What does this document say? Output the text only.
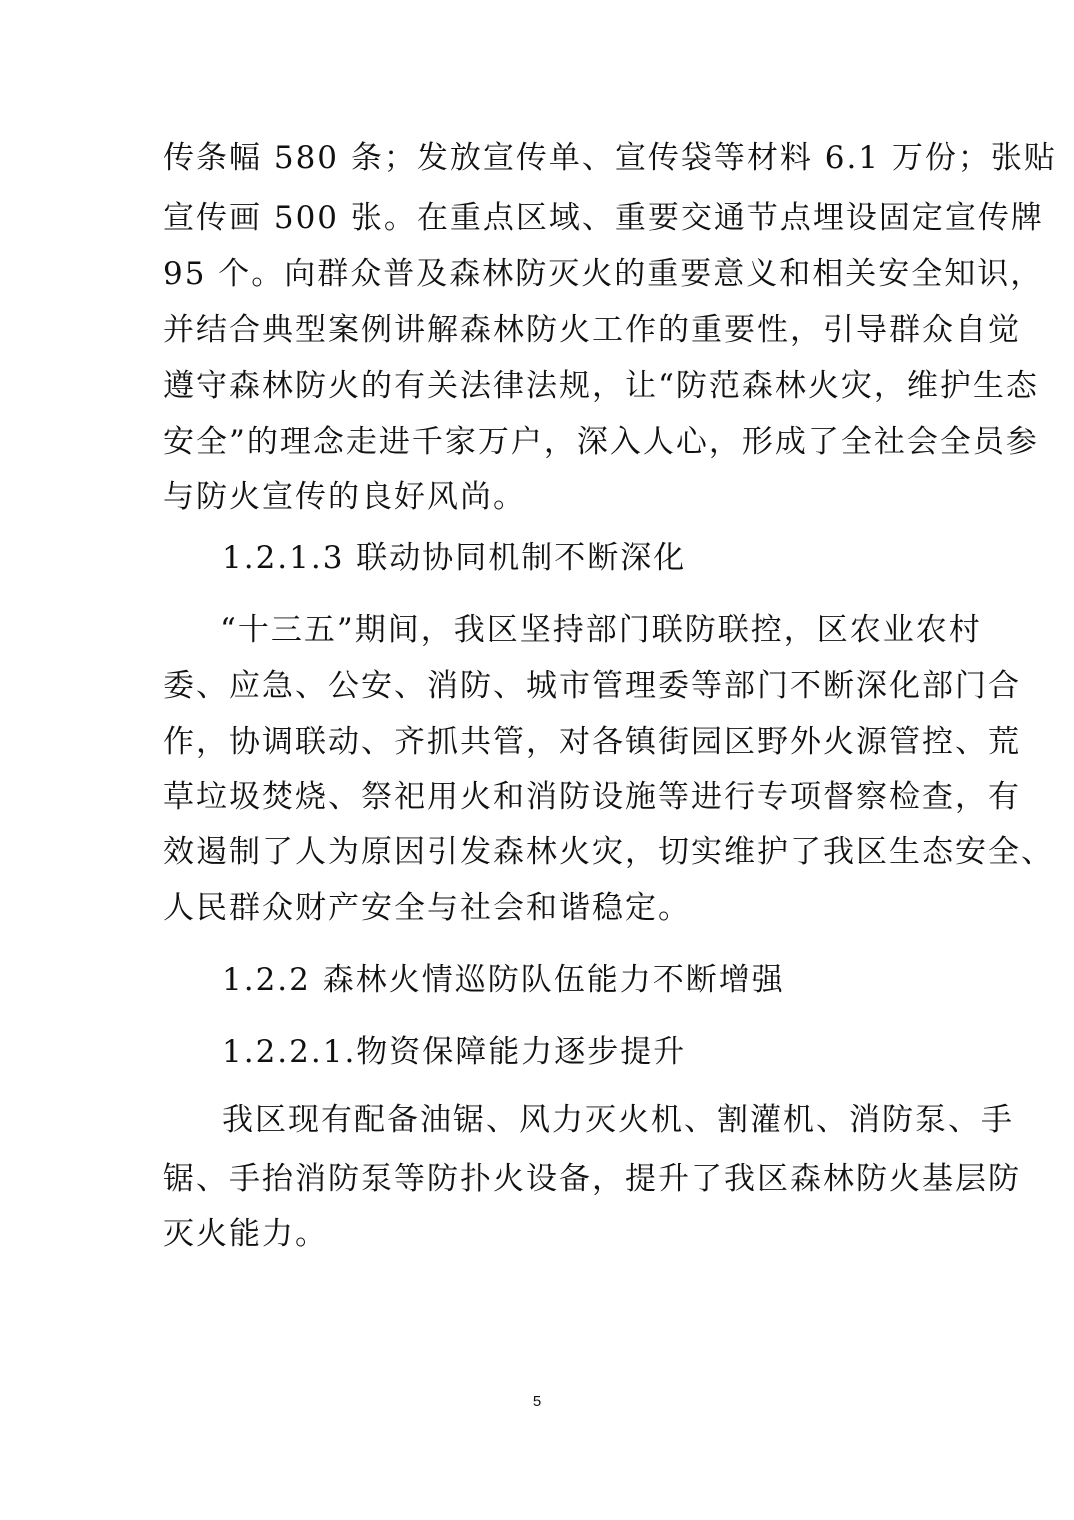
传条幅 580 条；发放宣传单、宣传袋等材料 6.1 万份；张贴
宣传画 500 张。在重点区域、重要交通节点埋设固定宣传牌
95 个。向群众普及森林防灭火的重要意义和相关安全知识，
并结合典型案例讲解森林防火工作的重要性，引导群众自觉
遵守森林防火的有关法律法规，让“防范森林火灾，维护生态
安全”的理念走进千家万户，深入人心，形成了全社会全员参
与防火宣传的良好风尚。
1.2.1.3 联动协同机制不断深化
“十三五”期间，我区坚持部门联防联控，区农业农村
委、应急、公安、消防、城市管理委等部门不断深化部门合
作，协调联动、齐抓共管，对各镇街园区野外火源管控、荒
草垃圾焚烧、祭祀用火和消防设施等进行专项督察检查，有
效遏制了人为原因引发森林火灾，切实维护了我区生态安全、
人民群众财产安全与社会和谐稳定。
1.2.2 森林火情巡防队伍能力不断增强
1.2.2.1.物资保障能力逐步提升
我区现有配备油锯、风力灭火机、割灌机、消防泵、手
锯、手抬消防泵等防扑火设备，提升了我区森林防火基层防
灭火能力。
5
